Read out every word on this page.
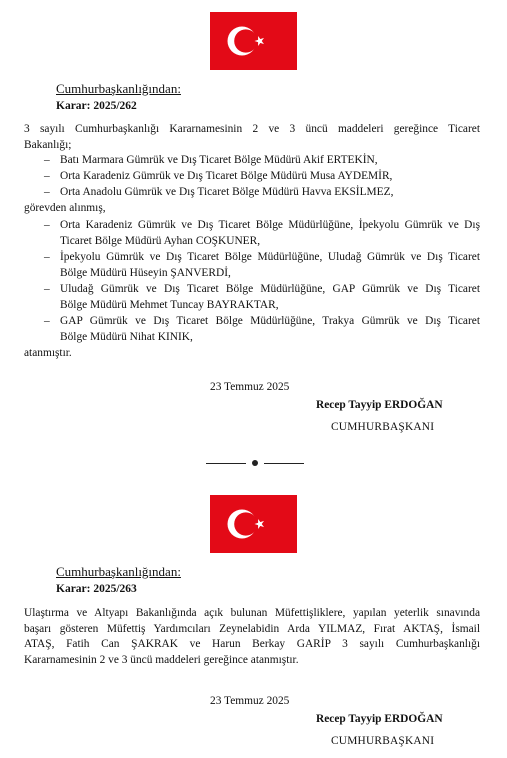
Cumhurbaşkanlığından:
Karar: 2025/262
3 sayılı Cumhurbaşkanlığı Kararnamesinin 2 ve 3 üncü maddeleri gereğince Ticaret
Bakanlığı;
– Batı Marmara Gümrük ve Dış Ticaret Bölge Müdürü Akif ERTEKİN,
– Orta Karadeniz Gümrük ve Dış Ticaret Bölge Müdürü Musa AYDEMİR,
– Orta Anadolu Gümrük ve Dış Ticaret Bölge Müdürü Havva EKSİLMEZ,
görevden alınmış,
– Orta Karadeniz Gümrük ve Dış Ticaret Bölge Müdürlüğüne, İpekyolu Gümrük ve Dış
Ticaret Bölge Müdürü Ayhan COŞKUNER,
– İpekyolu Gümrük ve Dış Ticaret Bölge Müdürlüğüne, Uludağ Gümrük ve Dış Ticaret
Bölge Müdürü Hüseyin ŞANVERDİ,
– Uludağ Gümrük ve Dış Ticaret Bölge Müdürlüğüne, GAP Gümrük ve Dış Ticaret
Bölge Müdürü Mehmet Tuncay BAYRAKTAR,
– GAP Gümrük ve Dış Ticaret Bölge Müdürlüğüne, Trakya Gümrük ve Dış Ticaret
Bölge Müdürü Nihat KINIK,
atanmıştır.
23 Temmuz 2025
Recep Tayyip ERDOĞAN
CUMHURBAŞKANI
Cumhurbaşkanlığından:
Karar: 2025/263
Ulaştırma ve Altyapı Bakanlığında açık bulunan Müfettişliklere, yapılan yeterlik sınavında
başarı gösteren Müfettiş Yardımcıları Zeynelabidin Arda YILMAZ, Fırat AKTAŞ, İsmail
ATAŞ, Fatih Can ŞAKRAK ve Harun Berkay GARİP 3 sayılı Cumhurbaşkanlığı
Kararnamesinin 2 ve 3 üncü maddeleri gereğince atanmıştır.
23 Temmuz 2025
Recep Tayyip ERDOĞAN
CUMHURBAŞKANI
